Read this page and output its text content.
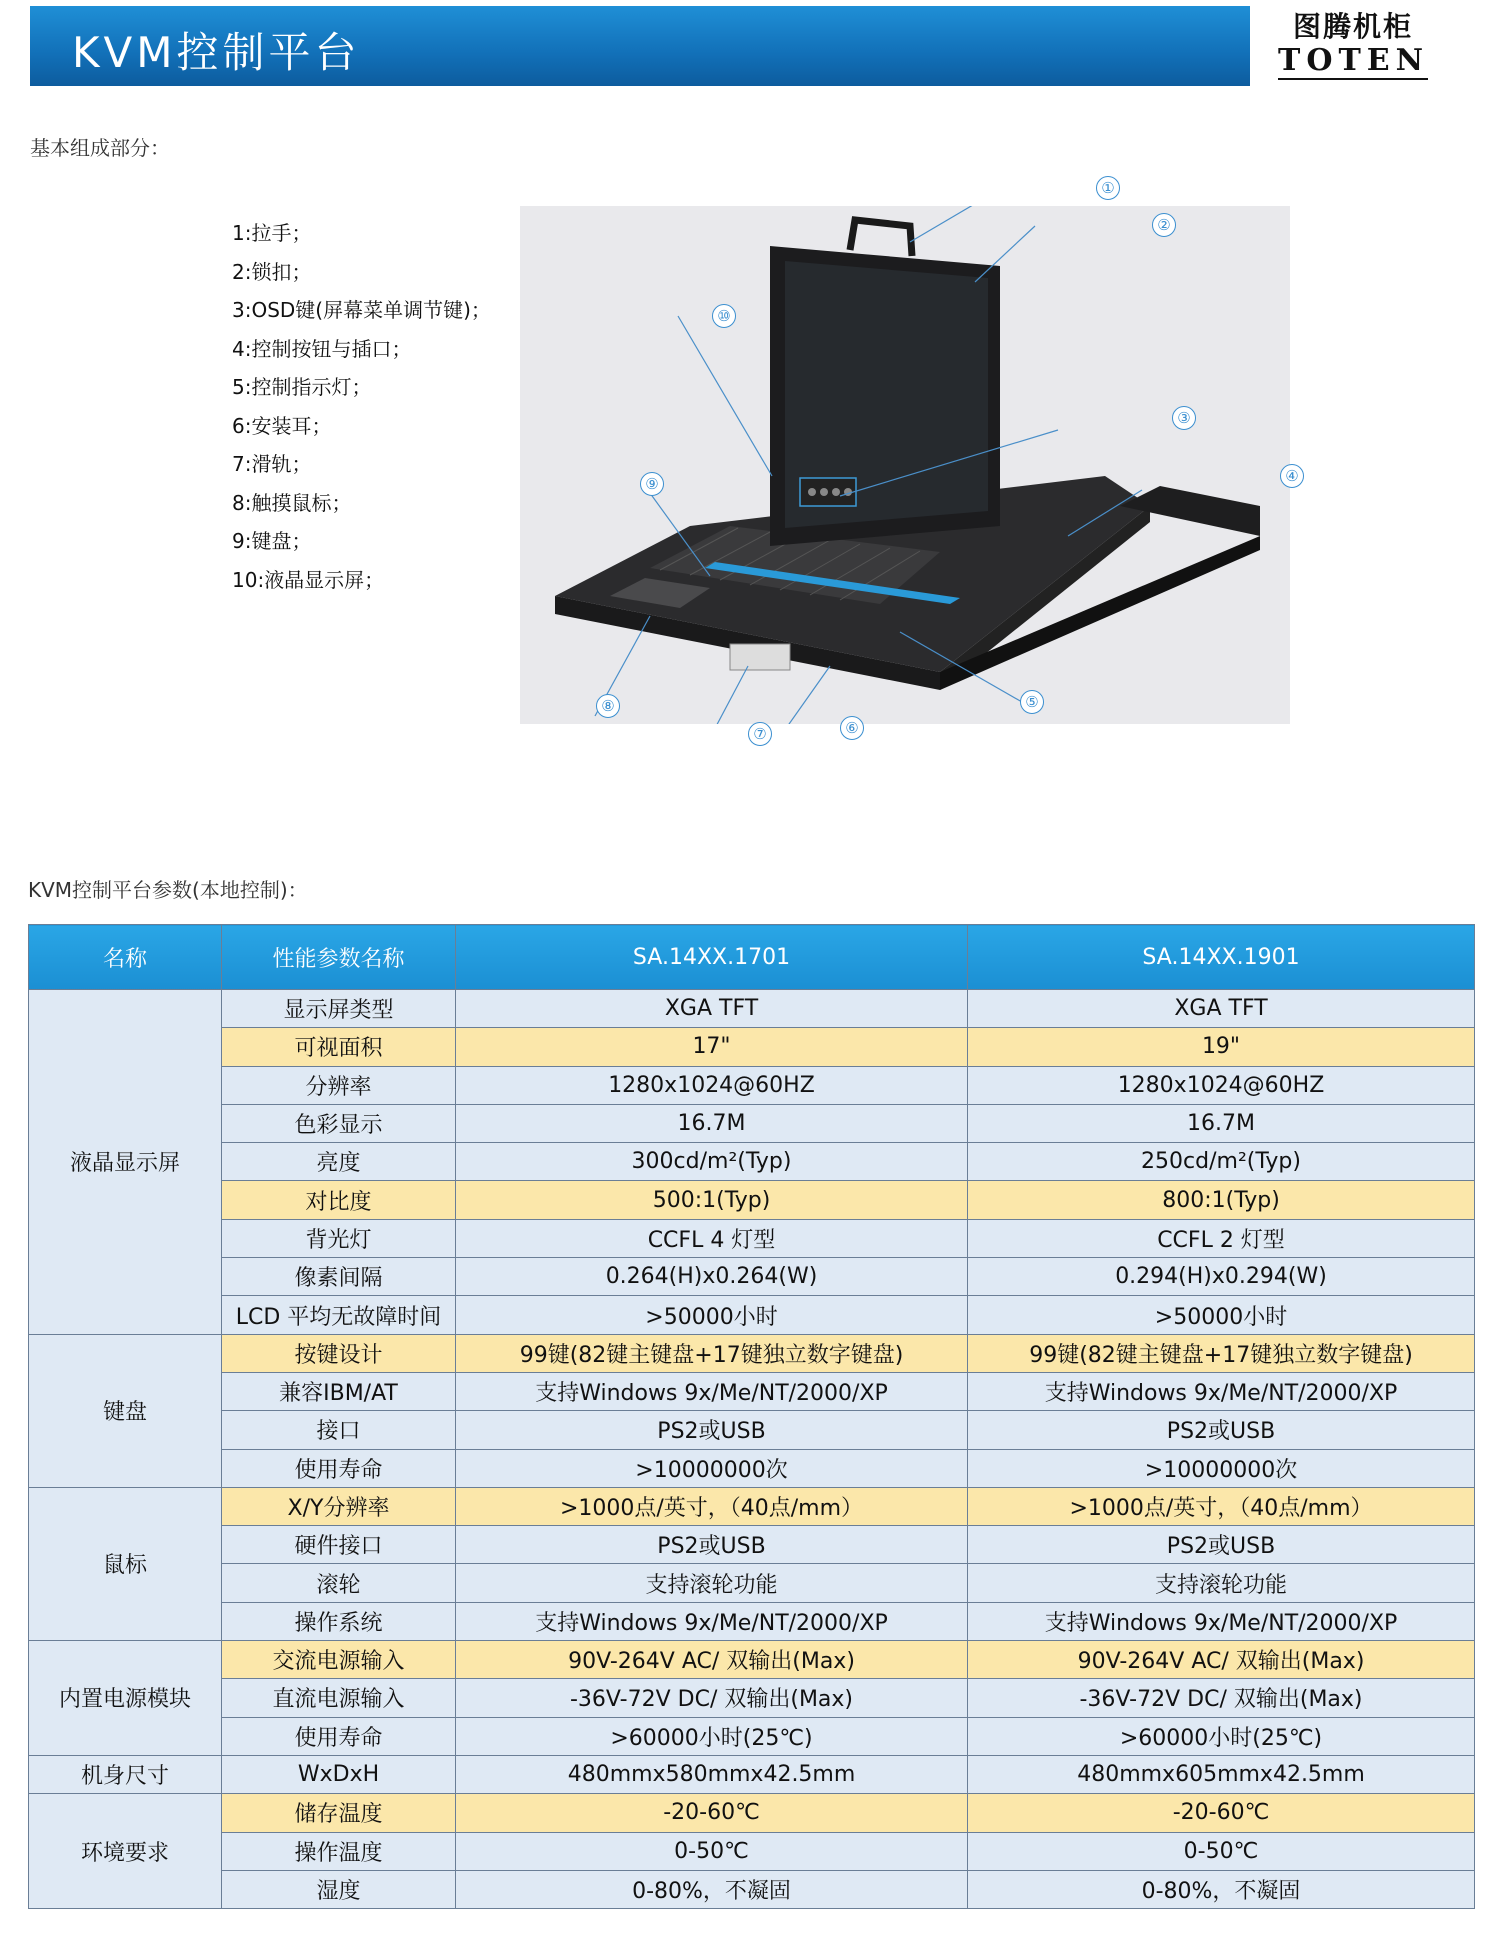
KVM控制平台
图腾机柜
TOTEN
基本组成部分：
1:拉手；
2:锁扣；
3:OSD键(屏幕菜单调节键)；
4:控制按钮与插口；
5:控制指示灯；
6:安装耳；
7:滑轨；
8:触摸鼠标；
9:键盘；
10:液晶显示屏；
①
②
③
④
⑤
⑥
⑦
⑧
⑨
⑩
KVM控制平台参数(本地控制)：
名称	性能参数名称	SA.14XX.1701	SA.14XX.1901
液晶显示屏	显示屏类型	XGA TFT	XGA TFT
	可视面积	17"	19"
	分辨率	1280x1024@60HZ	1280x1024@60HZ
	色彩显示	16.7M	16.7M
	亮度	300cd/m²(Typ)	250cd/m²(Typ)
	对比度	500:1(Typ)	800:1(Typ)
	背光灯	CCFL 4 灯型	CCFL 2 灯型
	像素间隔	0.264(H)x0.264(W)	0.294(H)x0.294(W)
	LCD 平均无故障时间	>50000小时	>50000小时
键盘	按键设计	99键(82键主键盘+17键独立数字键盘)	99键(82键主键盘+17键独立数字键盘)
	兼容IBM/AT	支持Windows 9x/Me/NT/2000/XP	支持Windows 9x/Me/NT/2000/XP
	接口	PS2或USB	PS2或USB
	使用寿命	>10000000次	>10000000次
鼠标	X/Y分辨率	>1000点/英寸，（40点/mm）	>1000点/英寸，（40点/mm）
	硬件接口	PS2或USB	PS2或USB
	滚轮	支持滚轮功能	支持滚轮功能
	操作系统	支持Windows 9x/Me/NT/2000/XP	支持Windows 9x/Me/NT/2000/XP
内置电源模块	交流电源输入	90V-264V AC/ 双输出(Max)	90V-264V AC/ 双输出(Max)
	直流电源输入	-36V-72V DC/ 双输出(Max)	-36V-72V DC/ 双输出(Max)
	使用寿命	>60000小时(25℃)	>60000小时(25℃)
机身尺寸	WxDxH	480mmx580mmx42.5mm	480mmx605mmx42.5mm
环境要求	储存温度	-20-60℃	-20-60℃
	操作温度	0-50℃	0-50℃
	湿度	0-80%，不凝固	0-80%，不凝固
